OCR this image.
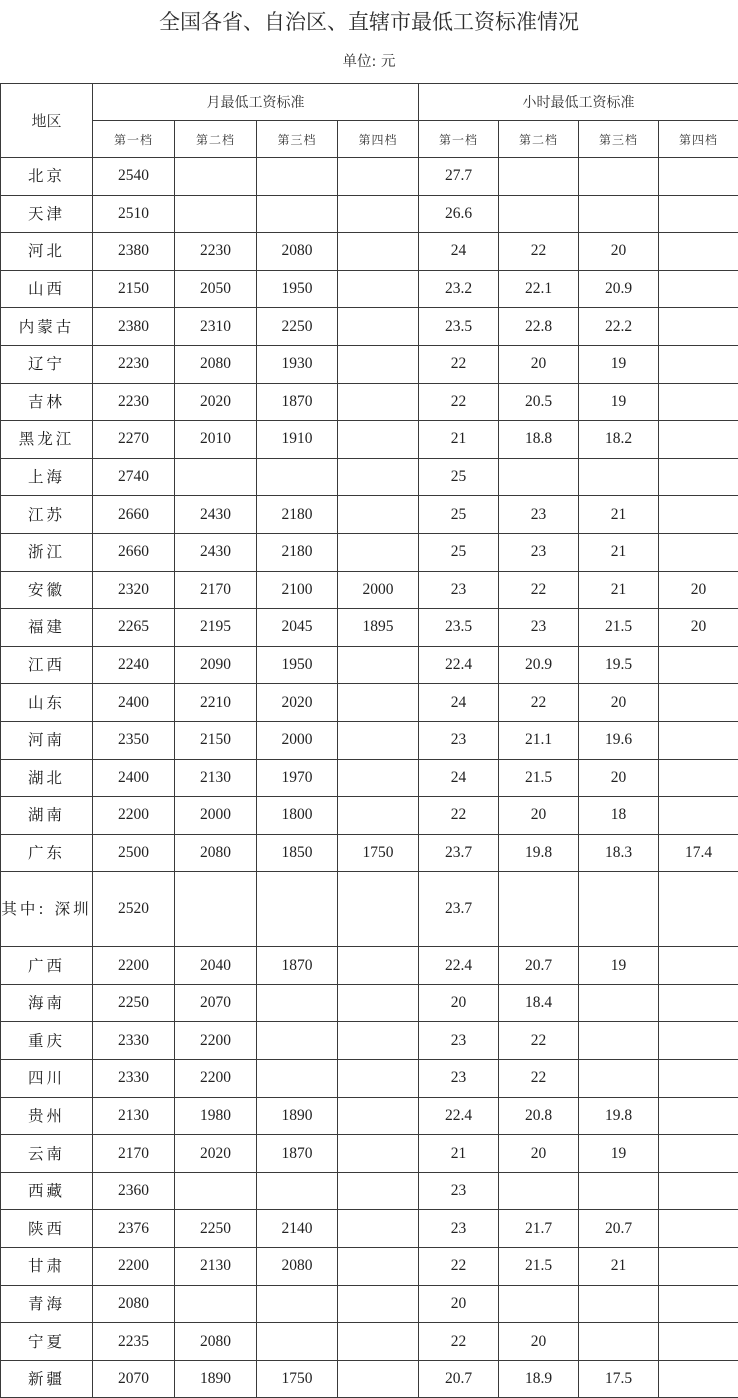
全国各省、自治区、直辖市最低工资标准情况
单位: 元
地区	月最低工资标准				小时最低工资标准			
	第一档	第二档	第三档	第四档	第一档	第二档	第三档	第四档
北京	2540				27.7			
天津	2510				26.6			
河北	2380	2230	2080		24	22	20	
山西	2150	2050	1950		23.2	22.1	20.9	
内蒙古	2380	2310	2250		23.5	22.8	22.2	
辽宁	2230	2080	1930		22	20	19	
吉林	2230	2020	1870		22	20.5	19	
黑龙江	2270	2010	1910		21	18.8	18.2	
上海	2740				25			
江苏	2660	2430	2180		25	23	21	
浙江	2660	2430	2180		25	23	21	
安徽	2320	2170	2100	2000	23	22	21	20
福建	2265	2195	2045	1895	23.5	23	21.5	20
江西	2240	2090	1950		22.4	20.9	19.5	
山东	2400	2210	2020		24	22	20	
河南	2350	2150	2000		23	21.1	19.6	
湖北	2400	2130	1970		24	21.5	20	
湖南	2200	2000	1800		22	20	18	
广东	2500	2080	1850	1750	23.7	19.8	18.3	17.4
其中: 深圳	2520				23.7			
广西	2200	2040	1870		22.4	20.7	19	
海南	2250	2070			20	18.4		
重庆	2330	2200			23	22		
四川	2330	2200			23	22		
贵州	2130	1980	1890		22.4	20.8	19.8	
云南	2170	2020	1870		21	20	19	
西藏	2360				23			
陕西	2376	2250	2140		23	21.7	20.7	
甘肃	2200	2130	2080		22	21.5	21	
青海	2080				20			
宁夏	2235	2080			22	20		
新疆	2070	1890	1750		20.7	18.9	17.5	
